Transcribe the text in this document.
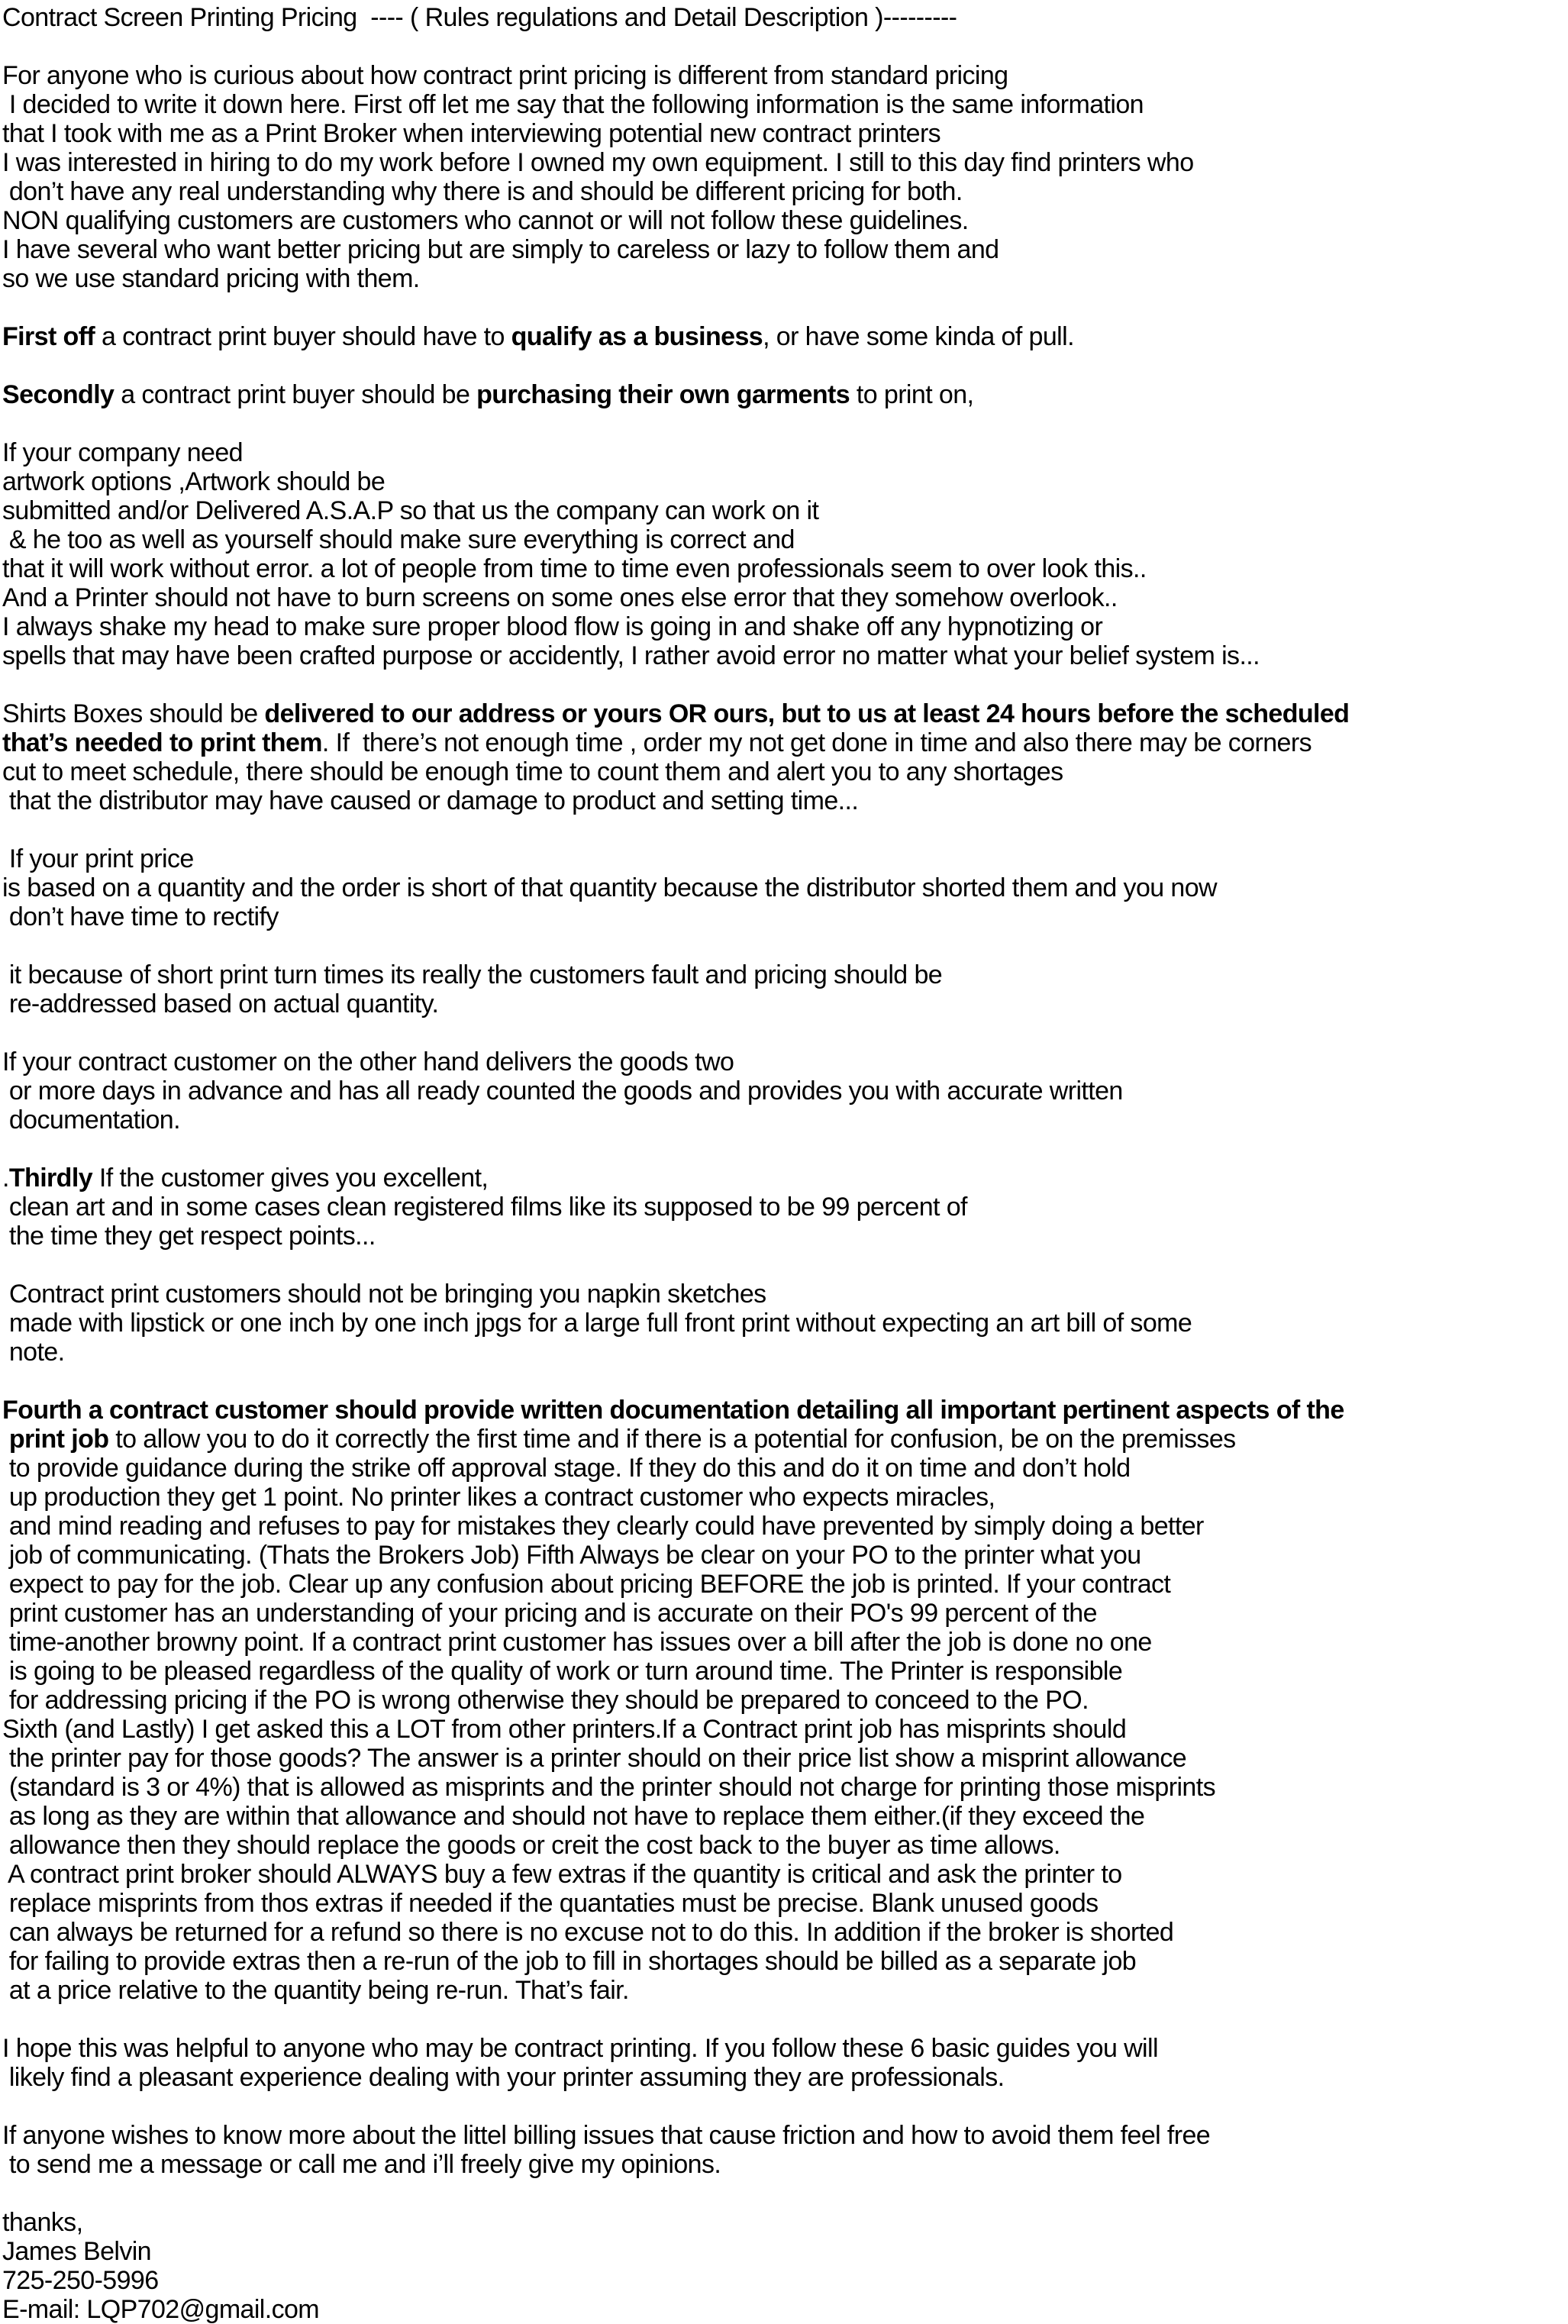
Contract Screen Printing Pricing  ---- ( Rules regulations and Detail Description )---------
For anyone who is curious about how contract print pricing is different from standard pricing
I decided to write it down here. First off let me say that the following information is the same information
that I took with me as a Print Broker when interviewing potential new contract printers
I was interested in hiring to do my work before I owned my own equipment. I still to this day find printers who
don’t have any real understanding why there is and should be different pricing for both.
NON qualifying customers are customers who cannot or will not follow these guidelines.
I have several who want better pricing but are simply to careless or lazy to follow them and
so we use standard pricing with them.
First off a contract print buyer should have to qualify as a business, or have some kinda of pull.
Secondly a contract print buyer should be purchasing their own garments to print on,
If your company need
artwork options ,Artwork should be
submitted and/or Delivered A.S.A.P so that us the company can work on it
& he too as well as yourself should make sure everything is correct and
that it will work without error. a lot of people from time to time even professionals seem to over look this..
And a Printer should not have to burn screens on some ones else error that they somehow overlook..
I always shake my head to make sure proper blood flow is going in and shake off any hypnotizing or
spells that may have been crafted purpose or accidently, I rather avoid error no matter what your belief system is...
Shirts Boxes should be delivered to our address or yours OR ours, but to us at least 24 hours before the scheduled
that’s needed to print them. If  there’s not enough time , order my not get done in time and also there may be corners
cut to meet schedule, there should be enough time to count them and alert you to any shortages
that the distributor may have caused or damage to product and setting time...
If your print price
is based on a quantity and the order is short of that quantity because the distributor shorted them and you now
don’t have time to rectify
it because of short print turn times its really the customers fault and pricing should be
re-addressed based on actual quantity.
If your contract customer on the other hand delivers the goods two
or more days in advance and has all ready counted the goods and provides you with accurate written
documentation.
.Thirdly If the customer gives you excellent,
clean art and in some cases clean registered films like its supposed to be 99 percent of
the time they get respect points...
Contract print customers should not be bringing you napkin sketches
made with lipstick or one inch by one inch jpgs for a large full front print without expecting an art bill of some
note.
Fourth a contract customer should provide written documentation detailing all important pertinent aspects of the
print job to allow you to do it correctly the first time and if there is a potential for confusion, be on the premisses
to provide guidance during the strike off approval stage. If they do this and do it on time and don’t hold
up production they get 1 point. No printer likes a contract customer who expects miracles,
and mind reading and refuses to pay for mistakes they clearly could have prevented by simply doing a better
job of communicating. (Thats the Brokers Job) Fifth Always be clear on your PO to the printer what you
expect to pay for the job. Clear up any confusion about pricing BEFORE the job is printed. If your contract
print customer has an understanding of your pricing and is accurate on their PO's 99 percent of the
time-another browny point. If a contract print customer has issues over a bill after the job is done no one
is going to be pleased regardless of the quality of work or turn around time. The Printer is responsible
for addressing pricing if the PO is wrong otherwise they should be prepared to conceed to the PO.
Sixth (and Lastly) I get asked this a LOT from other printers.If a Contract print job has misprints should
the printer pay for those goods? The answer is a printer should on their price list show a misprint allowance
(standard is 3 or 4%) that is allowed as misprints and the printer should not charge for printing those misprints
as long as they are within that allowance and should not have to replace them either.(if they exceed the
allowance then they should replace the goods or creit the cost back to the buyer as time allows.
A contract print broker should ALWAYS buy a few extras if the quantity is critical and ask the printer to
replace misprints from thos extras if needed if the quantaties must be precise. Blank unused goods
can always be returned for a refund so there is no excuse not to do this. In addition if the broker is shorted
for failing to provide extras then a re-run of the job to fill in shortages should be billed as a separate job
at a price relative to the quantity being re-run. That’s fair.
I hope this was helpful to anyone who may be contract printing. If you follow these 6 basic guides you will
likely find a pleasant experience dealing with your printer assuming they are professionals.
If anyone wishes to know more about the littel billing issues that cause friction and how to avoid them feel free
to send me a message or call me and i’ll freely give my opinions.
thanks,
James Belvin
725-250-5996
E-mail: LQP702@gmail.com
